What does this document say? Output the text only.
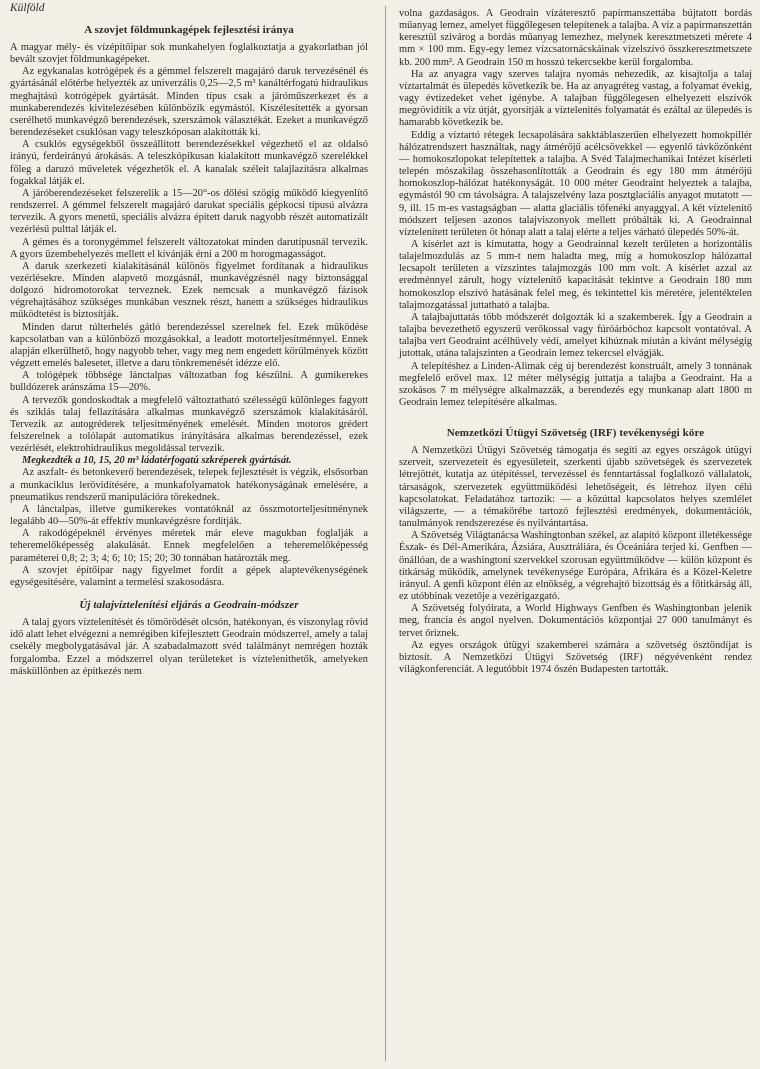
Külföld
A szovjet földmunkagépek fejlesztési iránya

A magyar mély- és vízépítőipar sok munkahelyen foglalkoztatja a gyakorlatban jól bevált szovjet földmunkagépeket.

Az egykanalas kotrógépek és a gémmel felszerelt magajáró daruk tervezésénél és gyártásánál előtérbe helyezték az univerzális 0,25—2,5 m³ kanáltérfogatú hidraulikus meghajtású kotrógépek gyártását. Minden típus csak a járóműszerkezet és a munkaberendezés kivitelezésében különbözik egymástól. Kiszélesítették a gyorsan cserélhető munkavégző berendezések, szerszámok választékát. Ezeket a munkavégző berendezéseket csuklósan vagy teleszkóposan alakították ki.

A csuklós egységekből összeállított berendezésekkel végezhető el az oldalsó irányú, ferdeirányú árokásás. A teleszkópikusan kialakított munkavégző szerelékkel főleg a daruzó műveletek végezhetők el. A kanalak széleit talajlazításra alkalmas fogakkal látják el.

A járóberendezéseket felszerelik a 15—20°-os dőlési szögig működő kiegyenlítő rendszerrel. A gémmel felszerelt magajáró darukat speciális gépkocsi típusú alvázra tervezik. A gyors menetű, speciális alvázra épített daruk nagyobb részét automatizált vezérlésű pulttal látják el.

A gémes és a toronygémmel felszerelt változatokat minden darutípusnál tervezik. A gyors üzembehelyezés mellett el kívánják érni a 200 m horogmagasságot.

A daruk szerkezeti kialakításánál különös figyelmet fordítanak a hidraulikus vezérlésekre. Minden alapvető mozgásnál, munkavégzésnél nagy biztonsággal dolgozó hidromotorokat terveznek. Ezek nemcsak a munkavégző fázisok végrehajtásához szükséges munkában vesznek részt, hanem a szükséges hidraulikus működtetést is biztosítják.

Minden darut túlterhelés gátló berendezéssel szerelnek fel. Ezek működése kapcsolatban van a különböző mozgásokkal, a leadott motorteljesítménnyel. Ennek alapján elkerülhető, hogy nagyobb teher, vagy meg nem engedett körülmények között végzett emelés balesetet, illetve a daru tönkremenését idézze elő.

A tológépek többsége lánctalpas változatban fog készülni. A gumikerekes bulldózerek aránszáma 15—20%.

A tervezők gondoskodtak a megfelelő változtatható szélességű különleges fagyott és sziklás talaj fellazítására alkalmas munkavégző szerszámok kialakításáról. Tervezik az autogréderek teljesítményének emelését. Minden motoros grédert felszerelnek a tolólapát automatikus irányítására alkalmas berendezéssel, ezek vezérlését, elektrohidraulikus megoldással tervezik.

Megkezdték a 10, 15, 20 m³ ládatérfogatú szkréperek gyártását.

Az aszfalt- és betonkeverő berendezések, telepek fejlesztését is végzik, elsősorban a munkaciklus lerövidítésére, a munkafolyamatok hatékonyságának emelésére, a pneumatikus rendszerű manipulációra törekednek.

A lánctalpas, illetve gumikerekes vontatóknál az összmotorteljesítménynek legalább 40—50%-át effektív munkavégzésre fordítják.

A rakodógépeknél érvényes méretek már eleve magukban foglalják a teheremelőképesség alakulását. Ennek megfelelően a teheremelőképesség paraméterei 0,8; 2; 3; 4; 6; 10; 15; 20; 30 tonnában határozták meg.

A szovjet építőipar nagy figyelmet fordít a gépek alaptevékenységének egységesítésére, valamint a termelési szakosodásra.

Új talajvíztelenítési eljárás a Geodrain-módszer

A talaj gyors víztelenítését és tömörödését olcsón, hatékonyan, és viszonylag rövid idő alatt lehet elvégezni a nemrégiben kifejlesztett Geodrain módszerrel, amely a talaj csekély megbolygatásával jár. A szabadalmazott svéd találmányt nemrégen hozták forgalomba. Ezzel a módszerrel olyan területeket is víztelenithetők, amelyeken másküllönben az építkezés nem

volna gazdaságos. A Geodrain vízáteresztő papírmanszettába bújtatott bordás műanyag lemez, amelyet függőlegesen telepítenek a talajba. A víz a papírmanszettán keresztül szivárog a bordás műanyag lemezhez, melynek keresztmetszeti mérete 4 mm × 100 mm. Egy-egy lemez vízcsatornácskáinak vízelszívó összkeresztmetszete kb. 200 mm². A Geodrain 150 m hosszú tekercsekbe kerül forgalomba.

Ha az anyagra vagy szerves talajra nyomás nehezedik, az kisajtolja a talaj víztartalmát és ülepedés következik be. Ha az anyagréteg vastag, a folyamat évekig, vagy évtizedeket vehet igénybe. A talajban függőlegesen elhelyezett elszívók megrövidítik a víz útját, gyorsítják a víztelenítés folyamatát és ezáltal az ülepedés is hamarabb következik be.

Eddig a víztartó rétegek lecsapolására sakktáblaszerűen elhelyezett homokpillér hálózatrendszert használtak, nagy átmérőjű acélcsövekkel — egyenlő távközönként — homokoszlopokat telepítettek a talajba. A Svéd Talajmechanikai Intézet kísérleti telepén mószakilag összehasonlították a Geodrain és egy 180 mm átmérőjű homokoszlop-hálózat hatékonyságát. 10 000 méter Geodraint helyeztek a talajba, egymástól 90 cm távolságra. A talajszelvény laza posztglaciális anyagot mutatott — 9, ill. 15 m-es vastagságban — alatta glaciális tőfenéki anyaggyal. A két víztelenítő módszert teljesen azonos talajviszonyok mellett próbálták ki. A Geodrainnal víztelenített területen öt hónap alatt a talaj elérte a teljes várható ülepedés 50%-át.

A kísérlet azt is kimutatta, hogy a Geodrainnal kezelt területen a horizontális talajelmozdulás az 5 mm-t nem haladta meg, míg a homokoszlop hálózattal lecsapolt területen a vízszintes talajmozgás 100 mm volt. A kísérlet azzal az eredménnyel zárult, hogy víztelenítő kapacitását tekintve a Geodrain 180 mm homokoszlop elszívó hatásának felel meg, és tekintettel kis méretére, jelentéktelen talajmozgatással juttatható a talajba.

A talajbajuttatás több módszerét dolgozták ki a szakemberek. Így a Geodrain a talajba bevezethető egyszerű verőkossal vagy fúróárbóchoz kapcsolt vontatóval. A talajba vert Geodraint acélhüvely védi, amelyet kihúznak miután a kívánt mélységig jutottak, utána talajszinten a Geodrain lemez tekercsel elvágják.

A telepítéshez a Linden-Alimak cég új berendezést konstruált, amely 3 tonnának megfelelő erővel max. 12 méter mélységig juttatja a talajba a Geodraint. Ha a szokásos 7 m mélységre alkalmazzák, a berendezés egy munkanap alatt 1800 m Geodrain lemez telepítésére alkalmas.

Nemzetközi Útügyi Szövetség (IRF) tevékenységi köre

A Nemzetközi Útügyi Szövetség támogatja és segíti az egyes országok útügyi szerveit, szervezeteit és egyesületeit, szerkenti újabb szövetségek és szervezetek létrejöttét, kutatja az útépítéssel, tervezéssel és fenntartással foglalkozó vállalatok, társaságok, szervezetek együttműködési lehetőségeit, és létrehoz ilyen célú kapcsolatokat. Feladatához tartozik: — a közúttal kapcsolatos helyes szemlélet világszerte, — a témakörébe tartozó fejlesztési eredmények, dokumentációk, tanulmányok rendszerezése és nyilvántartása.

A Szövetség Világtanácsa Washingtonban székel, az alapító központ illetékessége Észak- és Dél-Amerikára, Ázsiára, Ausztráliára, és Óceániára terjed ki. Genfben — önállóan, de a washingtoni szervekkel szorosan együttműködve — külön központ és titkárság működik, amelynek tevékenysége Európára, Afrikára és a Közel-Keletre irányul. A genfi központ élén az elnökség, a végrehajtó bizottság és a főtitkárság áll, ez utóbbinak vezetője a vezérigazgató.

A Szövetség folyóirata, a World Highways Genfben és Washingtonban jelenik meg, francia és angol nyelven. Dokumentációs központjai 27 000 tanulmányt és tervet őriznek.

Az egyes országok útügyi szakemberei számára a szövetség ösztöndíjat is biztosít. A Nemzetközi Útügyi Szövetség (IRF) négyévenként rendez világkonferenciát. A legutóbbit 1974 őszén Budapesten tartották.
